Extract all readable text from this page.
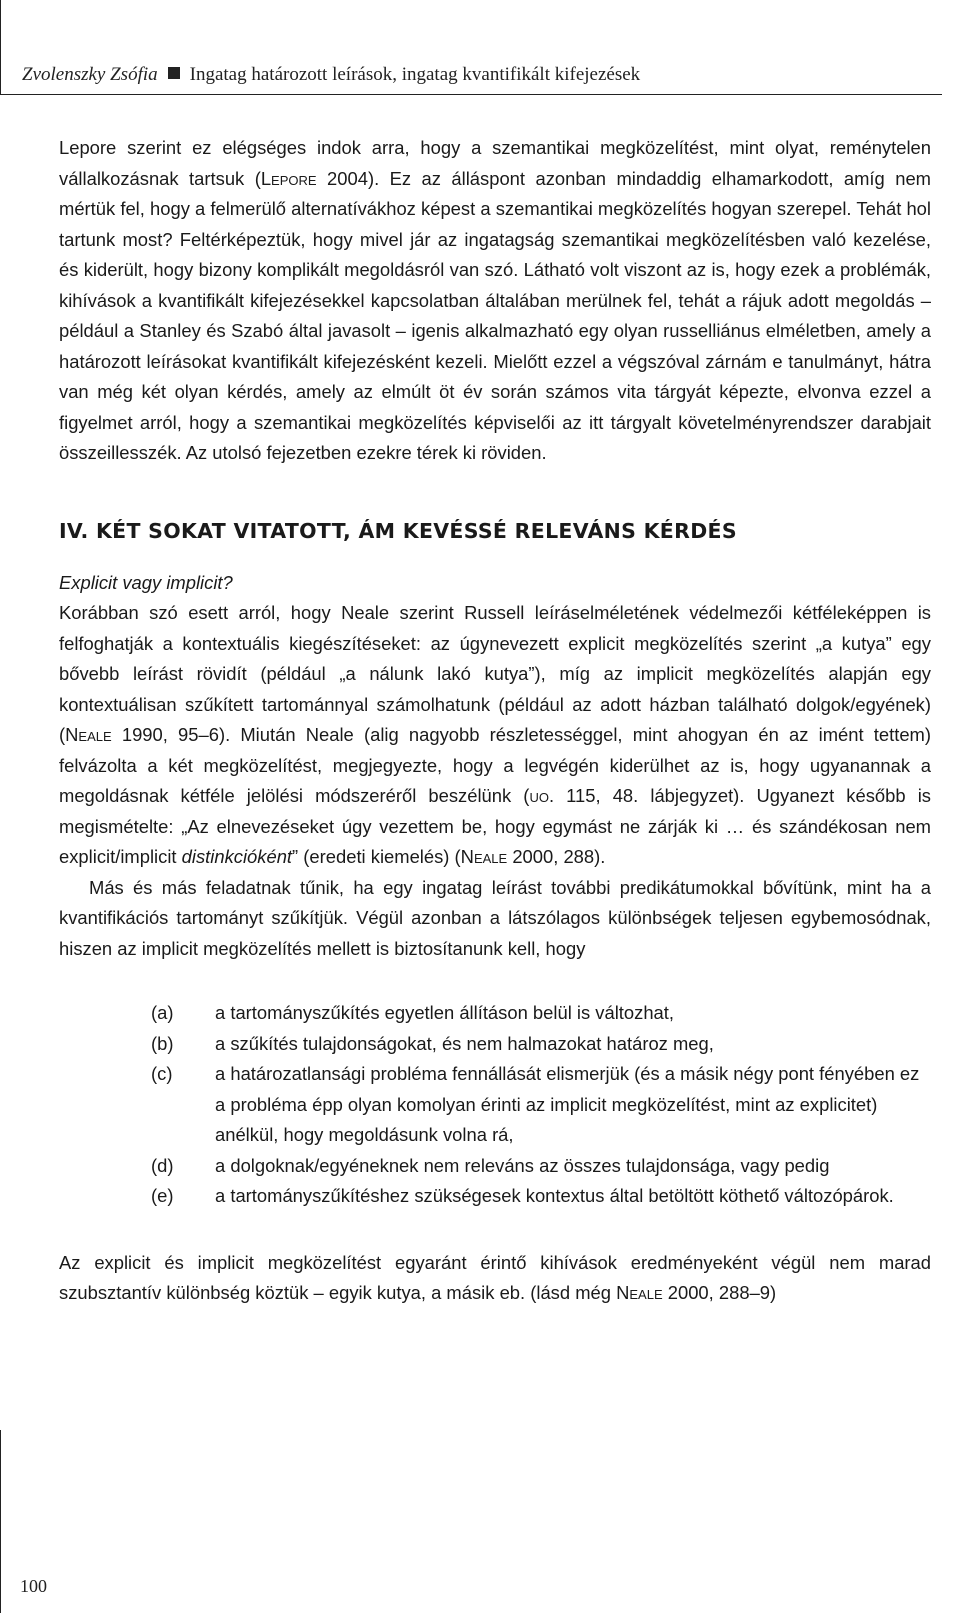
Zvolenszky Zsófia Ingatag határozott leírások, ingatag kvantifikált kifejezések

Lepore szerint ez elégséges indok arra, hogy a szemantikai megközelítést, mint olyat, reménytelen vállalkozásnak tartsuk (Lepore 2004). Ez az álláspont azonban mindaddig elhamarkodott, amíg nem mértük fel, hogy a felmerülő alternatívákhoz képest a szemantikai megközelítés hogyan szerepel. Tehát hol tartunk most? Feltérképeztük, hogy mivel jár az ingatagság szemantikai megközelítésben való kezelése, és kiderült, hogy bizony komplikált megoldásról van szó. Látható volt viszont az is, hogy ezek a problémák, kihívások a kvantifikált kifejezésekkel kapcsolatban általában merülnek fel, tehát a rájuk adott megoldás – például a Stanley és Szabó által javasolt – igenis alkalmazható egy olyan russelliánus elméletben, amely a határozott leírásokat kvantifikált kifejezésként kezeli. Mielőtt ezzel a végszóval zárnám e tanulmányt, hátra van még két olyan kérdés, amely az elmúlt öt év során számos vita tárgyát képezte, elvonva ezzel a figyelmet arról, hogy a szemantikai megközelítés képviselői az itt tárgyalt követelményrendszer darabjait összeillesszék. Az utolsó fejezetben ezekre térek ki röviden.

IV. KÉT SOKAT VITATOTT, ÁM KEVÉSSÉ RELEVÁNS KÉRDÉS
Explicit vagy implicit?

Korábban szó esett arról, hogy Neale szerint Russell leíráselméletének védelmezői kétféleképpen is felfoghatják a kontextuális kiegészítéseket: az úgynevezett explicit megközelítés szerint „a kutya” egy bővebb leírást rövidít (például „a nálunk lakó kutya”), míg az implicit megközelítés alapján egy kontextuálisan szűkített tartománnyal számolhatunk (például az adott házban található dolgok/egyének) (Neale 1990, 95–6). Miután Neale (alig nagyobb részletességgel, mint ahogyan én az imént tettem) felvázolta a két megközelítést, megjegyezte, hogy a legvégén kiderülhet az is, hogy ugyanannak a megoldásnak kétféle jelölési módszeréről beszélünk (uo. 115, 48. lábjegyzet). Ugyanezt később is megismételte: „Az elnevezéseket úgy vezettem be, hogy egymást ne zárják ki … és szándékosan nem explicit/implicit distinkcióként” (eredeti kiemelés) (Neale 2000, 288).

Más és más feladatnak tűnik, ha egy ingatag leírást további predikátumokkal bővítünk, mint ha a kvantifikációs tartományt szűkítjük. Végül azonban a látszólagos különbségek teljesen egybemosódnak, hiszen az implicit megközelítés mellett is biztosítanunk kell, hogy

(a)	a tartományszűkítés egyetlen állításon belül is változhat,
(b)	a szűkítés tulajdonságokat, és nem halmazokat határoz meg,
(c)	a határozatlansági probléma fennállását elismerjük (és a másik négy pont fényében ez a probléma épp olyan komolyan érinti az implicit megközelítést, mint az explicitet) anélkül, hogy megoldásunk volna rá,
(d)	a dolgoknak/egyéneknek nem releváns az összes tulajdonsága, vagy pedig
(e)	a tartományszűkítéshez szükségesek kontextus által betöltött köthető változópárok.

Az explicit és implicit megközelítést egyaránt érintő kihívások eredményeként végül nem marad szubsztantív különbség köztük – egyik kutya, a másik eb. (lásd még Neale 2000, 288–9)

100
